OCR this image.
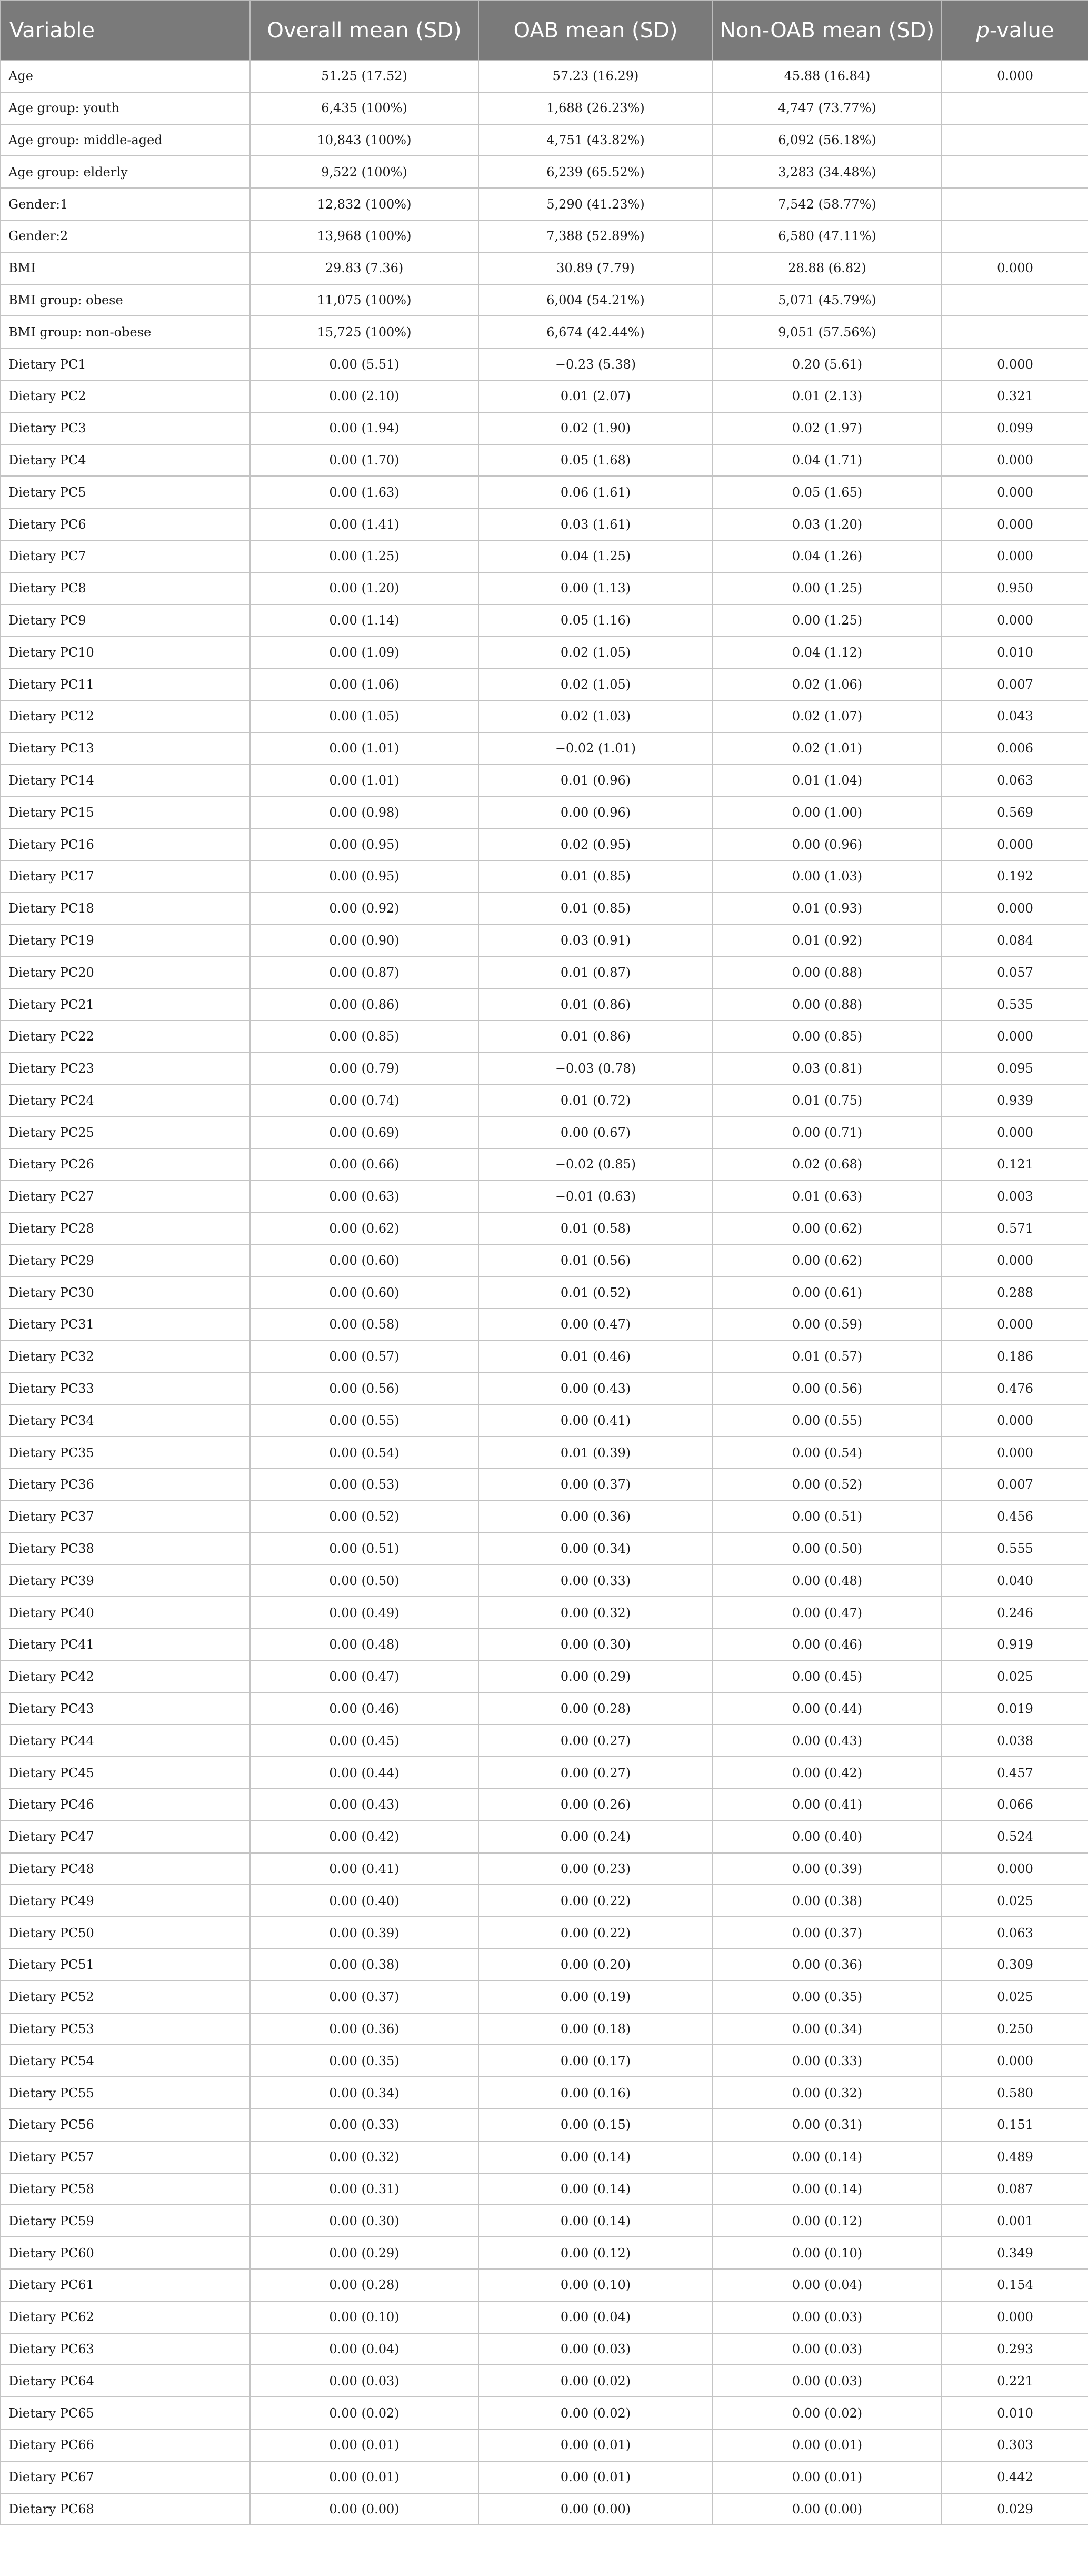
Variable	Overall mean (SD)	OAB mean (SD)	Non-OAB mean (SD)	p-value
Age	51.25 (17.52)	57.23 (16.29)	45.88 (16.84)	0.000
Age group: youth	6,435 (100%)	1,688 (26.23%)	4,747 (73.77%)	
Age group: middle-aged	10,843 (100%)	4,751 (43.82%)	6,092 (56.18%)	
Age group: elderly	9,522 (100%)	6,239 (65.52%)	3,283 (34.48%)	
Gender:1	12,832 (100%)	5,290 (41.23%)	7,542 (58.77%)	
Gender:2	13,968 (100%)	7,388 (52.89%)	6,580 (47.11%)	
BMI	29.83 (7.36)	30.89 (7.79)	28.88 (6.82)	0.000
BMI group: obese	11,075 (100%)	6,004 (54.21%)	5,071 (45.79%)	
BMI group: non-obese	15,725 (100%)	6,674 (42.44%)	9,051 (57.56%)	
Dietary PC1	0.00 (5.51)	−0.23 (5.38)	0.20 (5.61)	0.000
Dietary PC2	0.00 (2.10)	0.01 (2.07)	0.01 (2.13)	0.321
Dietary PC3	0.00 (1.94)	0.02 (1.90)	0.02 (1.97)	0.099
Dietary PC4	0.00 (1.70)	0.05 (1.68)	0.04 (1.71)	0.000
Dietary PC5	0.00 (1.63)	0.06 (1.61)	0.05 (1.65)	0.000
Dietary PC6	0.00 (1.41)	0.03 (1.61)	0.03 (1.20)	0.000
Dietary PC7	0.00 (1.25)	0.04 (1.25)	0.04 (1.26)	0.000
Dietary PC8	0.00 (1.20)	0.00 (1.13)	0.00 (1.25)	0.950
Dietary PC9	0.00 (1.14)	0.05 (1.16)	0.00 (1.25)	0.000
Dietary PC10	0.00 (1.09)	0.02 (1.05)	0.04 (1.12)	0.010
Dietary PC11	0.00 (1.06)	0.02 (1.05)	0.02 (1.06)	0.007
Dietary PC12	0.00 (1.05)	0.02 (1.03)	0.02 (1.07)	0.043
Dietary PC13	0.00 (1.01)	−0.02 (1.01)	0.02 (1.01)	0.006
Dietary PC14	0.00 (1.01)	0.01 (0.96)	0.01 (1.04)	0.063
Dietary PC15	0.00 (0.98)	0.00 (0.96)	0.00 (1.00)	0.569
Dietary PC16	0.00 (0.95)	0.02 (0.95)	0.00 (0.96)	0.000
Dietary PC17	0.00 (0.95)	0.01 (0.85)	0.00 (1.03)	0.192
Dietary PC18	0.00 (0.92)	0.01 (0.85)	0.01 (0.93)	0.000
Dietary PC19	0.00 (0.90)	0.03 (0.91)	0.01 (0.92)	0.084
Dietary PC20	0.00 (0.87)	0.01 (0.87)	0.00 (0.88)	0.057
Dietary PC21	0.00 (0.86)	0.01 (0.86)	0.00 (0.88)	0.535
Dietary PC22	0.00 (0.85)	0.01 (0.86)	0.00 (0.85)	0.000
Dietary PC23	0.00 (0.79)	−0.03 (0.78)	0.03 (0.81)	0.095
Dietary PC24	0.00 (0.74)	0.01 (0.72)	0.01 (0.75)	0.939
Dietary PC25	0.00 (0.69)	0.00 (0.67)	0.00 (0.71)	0.000
Dietary PC26	0.00 (0.66)	−0.02 (0.85)	0.02 (0.68)	0.121
Dietary PC27	0.00 (0.63)	−0.01 (0.63)	0.01 (0.63)	0.003
Dietary PC28	0.00 (0.62)	0.01 (0.58)	0.00 (0.62)	0.571
Dietary PC29	0.00 (0.60)	0.01 (0.56)	0.00 (0.62)	0.000
Dietary PC30	0.00 (0.60)	0.01 (0.52)	0.00 (0.61)	0.288
Dietary PC31	0.00 (0.58)	0.00 (0.47)	0.00 (0.59)	0.000
Dietary PC32	0.00 (0.57)	0.01 (0.46)	0.01 (0.57)	0.186
Dietary PC33	0.00 (0.56)	0.00 (0.43)	0.00 (0.56)	0.476
Dietary PC34	0.00 (0.55)	0.00 (0.41)	0.00 (0.55)	0.000
Dietary PC35	0.00 (0.54)	0.01 (0.39)	0.00 (0.54)	0.000
Dietary PC36	0.00 (0.53)	0.00 (0.37)	0.00 (0.52)	0.007
Dietary PC37	0.00 (0.52)	0.00 (0.36)	0.00 (0.51)	0.456
Dietary PC38	0.00 (0.51)	0.00 (0.34)	0.00 (0.50)	0.555
Dietary PC39	0.00 (0.50)	0.00 (0.33)	0.00 (0.48)	0.040
Dietary PC40	0.00 (0.49)	0.00 (0.32)	0.00 (0.47)	0.246
Dietary PC41	0.00 (0.48)	0.00 (0.30)	0.00 (0.46)	0.919
Dietary PC42	0.00 (0.47)	0.00 (0.29)	0.00 (0.45)	0.025
Dietary PC43	0.00 (0.46)	0.00 (0.28)	0.00 (0.44)	0.019
Dietary PC44	0.00 (0.45)	0.00 (0.27)	0.00 (0.43)	0.038
Dietary PC45	0.00 (0.44)	0.00 (0.27)	0.00 (0.42)	0.457
Dietary PC46	0.00 (0.43)	0.00 (0.26)	0.00 (0.41)	0.066
Dietary PC47	0.00 (0.42)	0.00 (0.24)	0.00 (0.40)	0.524
Dietary PC48	0.00 (0.41)	0.00 (0.23)	0.00 (0.39)	0.000
Dietary PC49	0.00 (0.40)	0.00 (0.22)	0.00 (0.38)	0.025
Dietary PC50	0.00 (0.39)	0.00 (0.22)	0.00 (0.37)	0.063
Dietary PC51	0.00 (0.38)	0.00 (0.20)	0.00 (0.36)	0.309
Dietary PC52	0.00 (0.37)	0.00 (0.19)	0.00 (0.35)	0.025
Dietary PC53	0.00 (0.36)	0.00 (0.18)	0.00 (0.34)	0.250
Dietary PC54	0.00 (0.35)	0.00 (0.17)	0.00 (0.33)	0.000
Dietary PC55	0.00 (0.34)	0.00 (0.16)	0.00 (0.32)	0.580
Dietary PC56	0.00 (0.33)	0.00 (0.15)	0.00 (0.31)	0.151
Dietary PC57	0.00 (0.32)	0.00 (0.14)	0.00 (0.14)	0.489
Dietary PC58	0.00 (0.31)	0.00 (0.14)	0.00 (0.14)	0.087
Dietary PC59	0.00 (0.30)	0.00 (0.14)	0.00 (0.12)	0.001
Dietary PC60	0.00 (0.29)	0.00 (0.12)	0.00 (0.10)	0.349
Dietary PC61	0.00 (0.28)	0.00 (0.10)	0.00 (0.04)	0.154
Dietary PC62	0.00 (0.10)	0.00 (0.04)	0.00 (0.03)	0.000
Dietary PC63	0.00 (0.04)	0.00 (0.03)	0.00 (0.03)	0.293
Dietary PC64	0.00 (0.03)	0.00 (0.02)	0.00 (0.03)	0.221
Dietary PC65	0.00 (0.02)	0.00 (0.02)	0.00 (0.02)	0.010
Dietary PC66	0.00 (0.01)	0.00 (0.01)	0.00 (0.01)	0.303
Dietary PC67	0.00 (0.01)	0.00 (0.01)	0.00 (0.01)	0.442
Dietary PC68	0.00 (0.00)	0.00 (0.00)	0.00 (0.00)	0.029
